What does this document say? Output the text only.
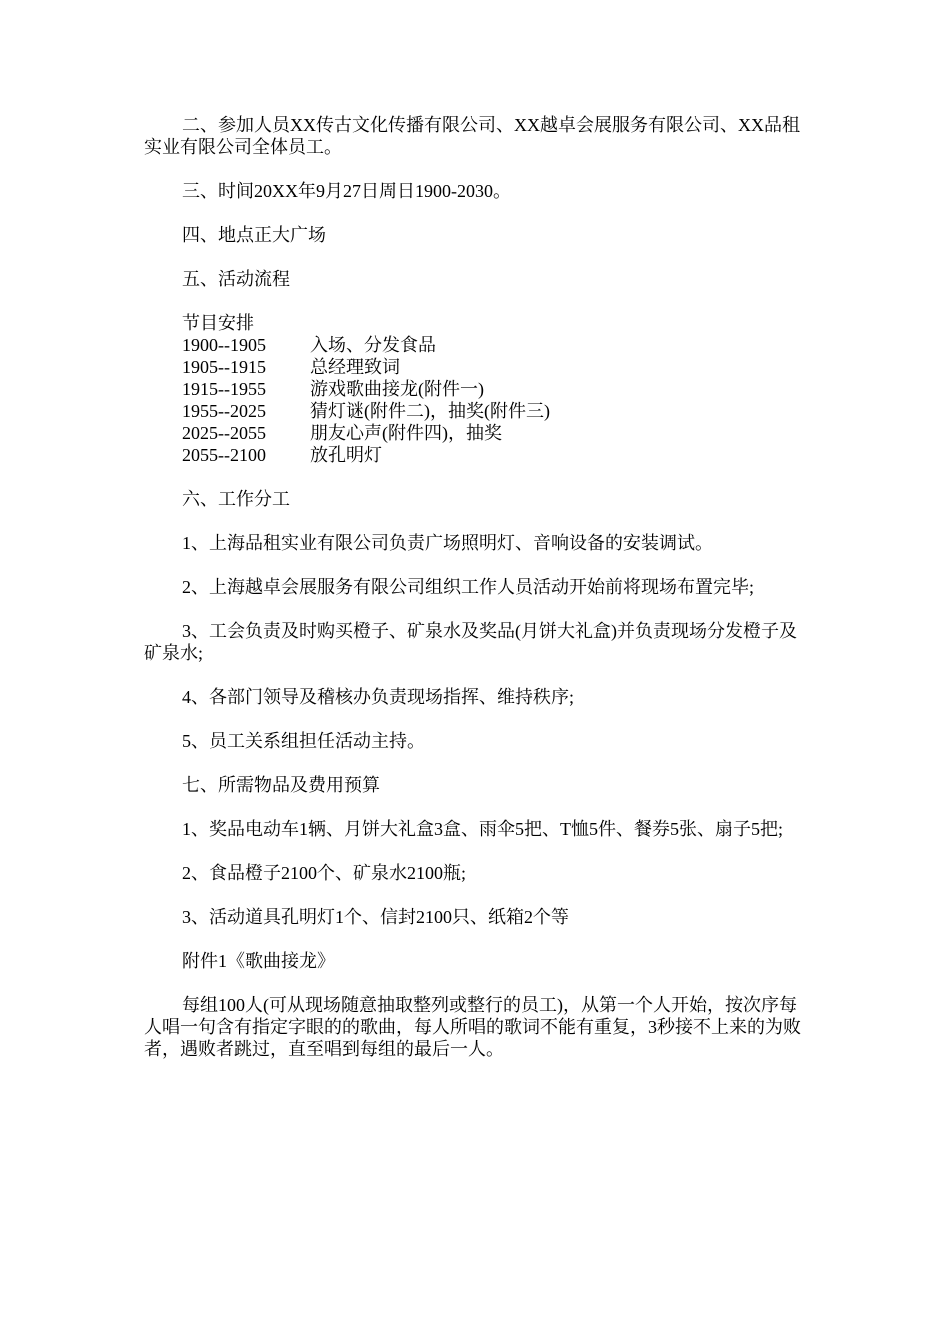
二、参加人员XX传古文化传播有限公司、XX越卓会展服务有限公司、XX品租实业有限公司全体员工。

三、时间20XX年9月27日周日1900-2030。

四、地点正大广场

五、活动流程

节目安排

1900--1905	入场、分发食品
1905--1915	总经理致词
1915--1955	游戏歌曲接龙(附件一)
1955--2025	猜灯谜(附件二)，抽奖(附件三)
2025--2055	朋友心声(附件四)，抽奖
2055--2100	放孔明灯

六、工作分工

1、上海品租实业有限公司负责广场照明灯、音响设备的安装调试。

2、上海越卓会展服务有限公司组织工作人员活动开始前将现场布置完毕;

3、工会负责及时购买橙子、矿泉水及奖品(月饼大礼盒)并负责现场分发橙子及矿泉水;

4、各部门领导及稽核办负责现场指挥、维持秩序;

5、员工关系组担任活动主持。

七、所需物品及费用预算

1、奖品电动车1辆、月饼大礼盒3盒、雨伞5把、T恤5件、餐券5张、扇子5把;

2、食品橙子2100个、矿泉水2100瓶;

3、活动道具孔明灯1个、信封2100只、纸箱2个等

附件1《歌曲接龙》

每组100人(可从现场随意抽取整列或整行的员工)，从第一个人开始，按次序每人唱一句含有指定字眼的的歌曲，每人所唱的歌词不能有重复，3秒接不上来的为败者，遇败者跳过，直至唱到每组的最后一人。
